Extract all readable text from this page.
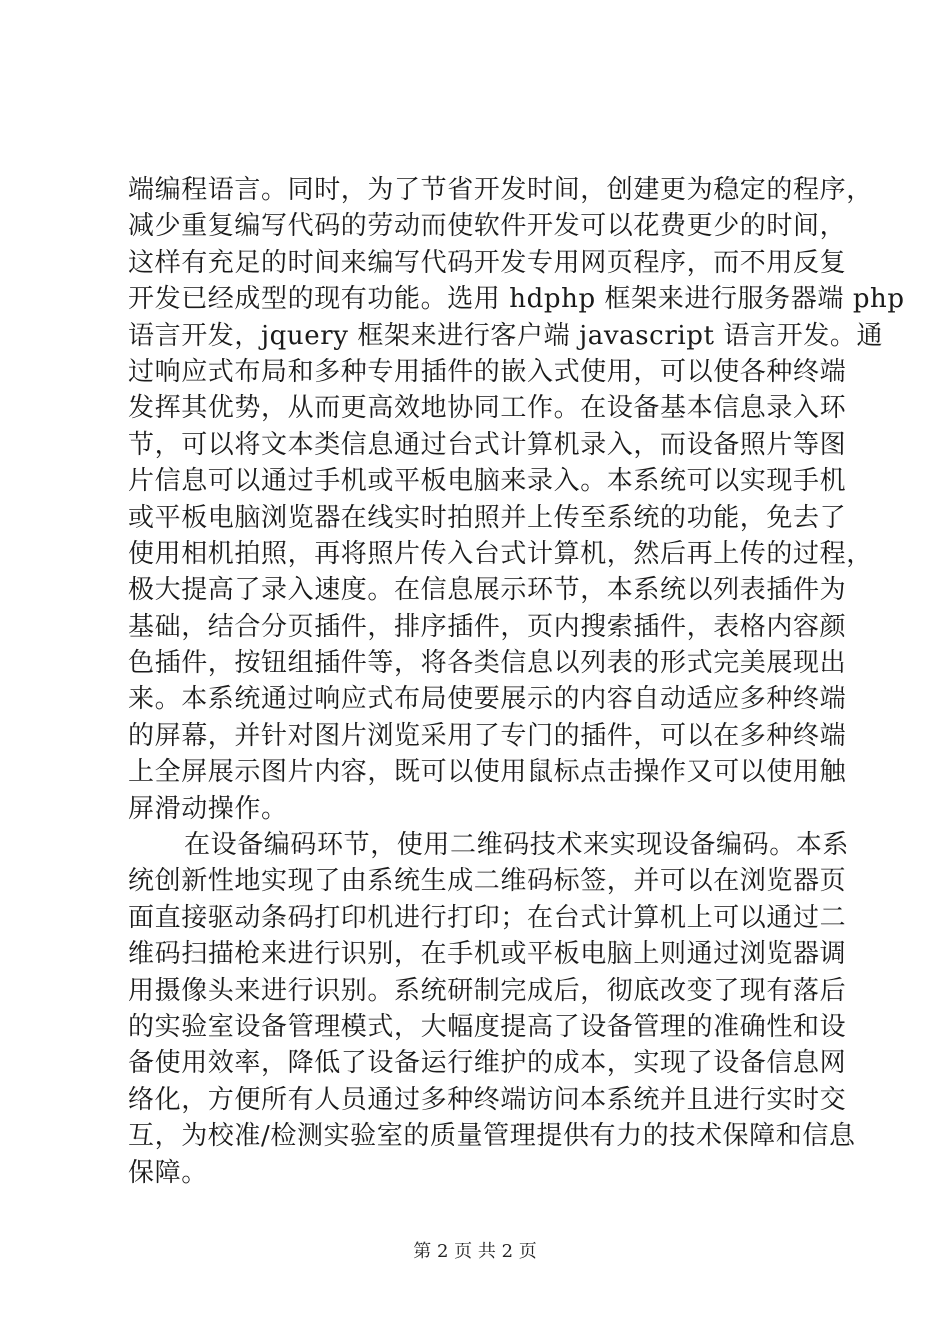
端编程语言。同时，为了节省开发时间，创建更为稳定的程序，
减少重复编写代码的劳动而使软件开发可以花费更少的时间，
这样有充足的时间来编写代码开发专用网页程序，而不用反复
开发已经成型的现有功能。选用 hdphp 框架来进行服务器端 php
语言开发，jquery 框架来进行客户端 javascript 语言开发。通
过响应式布局和多种专用插件的嵌入式使用，可以使各种终端
发挥其优势，从而更高效地协同工作。在设备基本信息录入环
节，可以将文本类信息通过台式计算机录入，而设备照片等图
片信息可以通过手机或平板电脑来录入。本系统可以实现手机
或平板电脑浏览器在线实时拍照并上传至系统的功能，免去了
使用相机拍照，再将照片传入台式计算机，然后再上传的过程，
极大提高了录入速度。在信息展示环节，本系统以列表插件为
基础，结合分页插件，排序插件，页内搜索插件，表格内容颜
色插件，按钮组插件等，将各类信息以列表的形式完美展现出
来。本系统通过响应式布局使要展示的内容自动适应多种终端
的屏幕，并针对图片浏览采用了专门的插件，可以在多种终端
上全屏展示图片内容，既可以使用鼠标点击操作又可以使用触
屏滑动操作。
在设备编码环节，使用二维码技术来实现设备编码。本系
统创新性地实现了由系统生成二维码标签，并可以在浏览器页
面直接驱动条码打印机进行打印；在台式计算机上可以通过二
维码扫描枪来进行识别，在手机或平板电脑上则通过浏览器调
用摄像头来进行识别。系统研制完成后，彻底改变了现有落后
的实验室设备管理模式，大幅度提高了设备管理的准确性和设
备使用效率，降低了设备运行维护的成本，实现了设备信息网
络化，方便所有人员通过多种终端访问本系统并且进行实时交
互，为校准/检测实验室的质量管理提供有力的技术保障和信息
保障。
第 2 页 共 2 页
